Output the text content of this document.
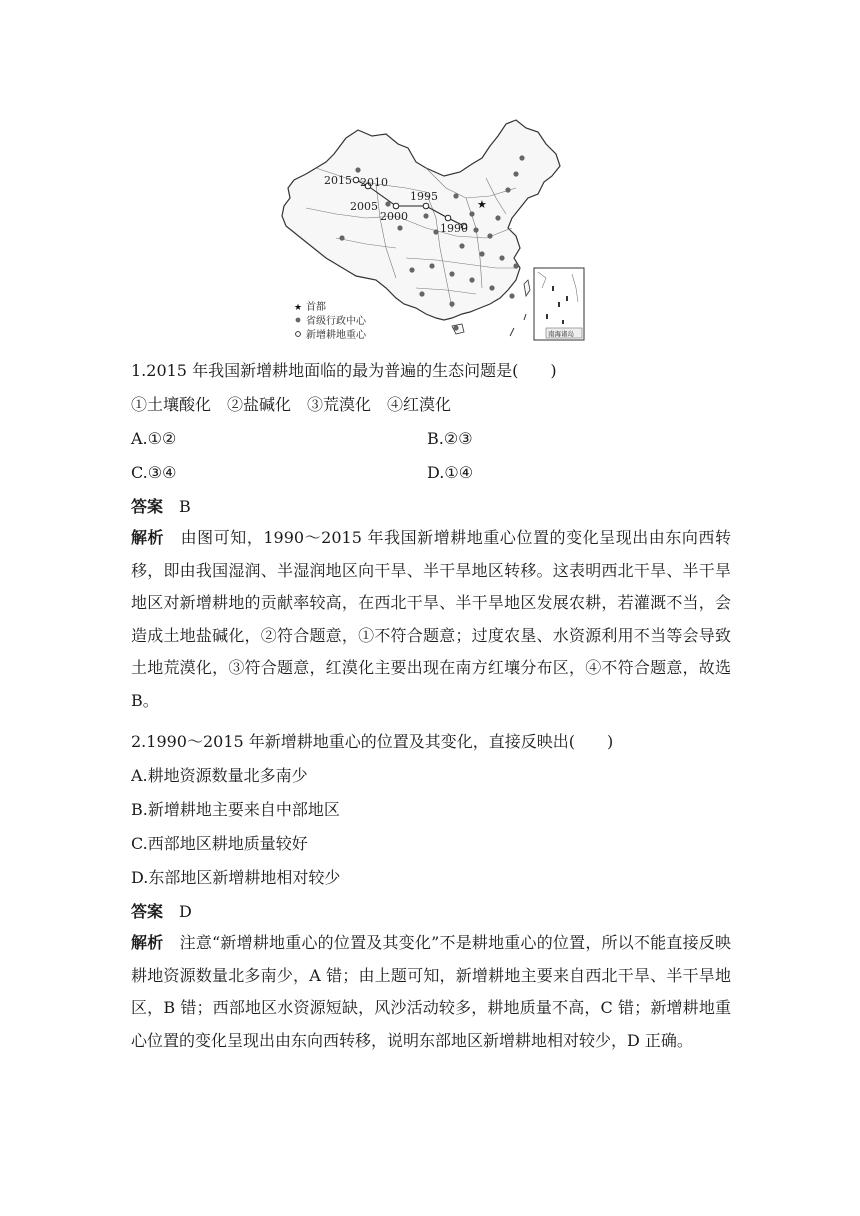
★
2015 2010
2005
2000
1995
1990
★ 首都
省级行政中心
新增耕地重心	南海诸岛
1.2015 年我国新增耕地面临的最为普遍的生态问题是(　　)
①土壤酸化　②盐碱化　③荒漠化　④红漠化
A.①②	B.②③
C.③④	D.①④
答案 B
解析 由图可知，1990～2015 年我国新增耕地重心位置的变化呈现出由东向西转移，即由我国湿润、半湿润地区向干旱、半干旱地区转移。这表明西北干旱、半干旱地区对新增耕地的贡献率较高，在西北干旱、半干旱地区发展农耕，若灌溉不当，会造成土地盐碱化，②符合题意，①不符合题意；过度农垦、水资源利用不当等会导致土地荒漠化，③符合题意，红漠化主要出现在南方红壤分布区，④不符合题意，故选 B。
2.1990～2015 年新增耕地重心的位置及其变化，直接反映出(　　)
A.耕地资源数量北多南少
B.新增耕地主要来自中部地区
C.西部地区耕地质量较好
D.东部地区新增耕地相对较少
答案 D
解析 注意“新增耕地重心的位置及其变化”不是耕地重心的位置，所以不能直接反映耕地资源数量北多南少，A 错；由上题可知，新增耕地主要来自西北干旱、半干旱地区，B 错；西部地区水资源短缺，风沙活动较多，耕地质量不高，C 错；新增耕地重心位置的变化呈现出由东向西转移，说明东部地区新增耕地相对较少，D 正确。
